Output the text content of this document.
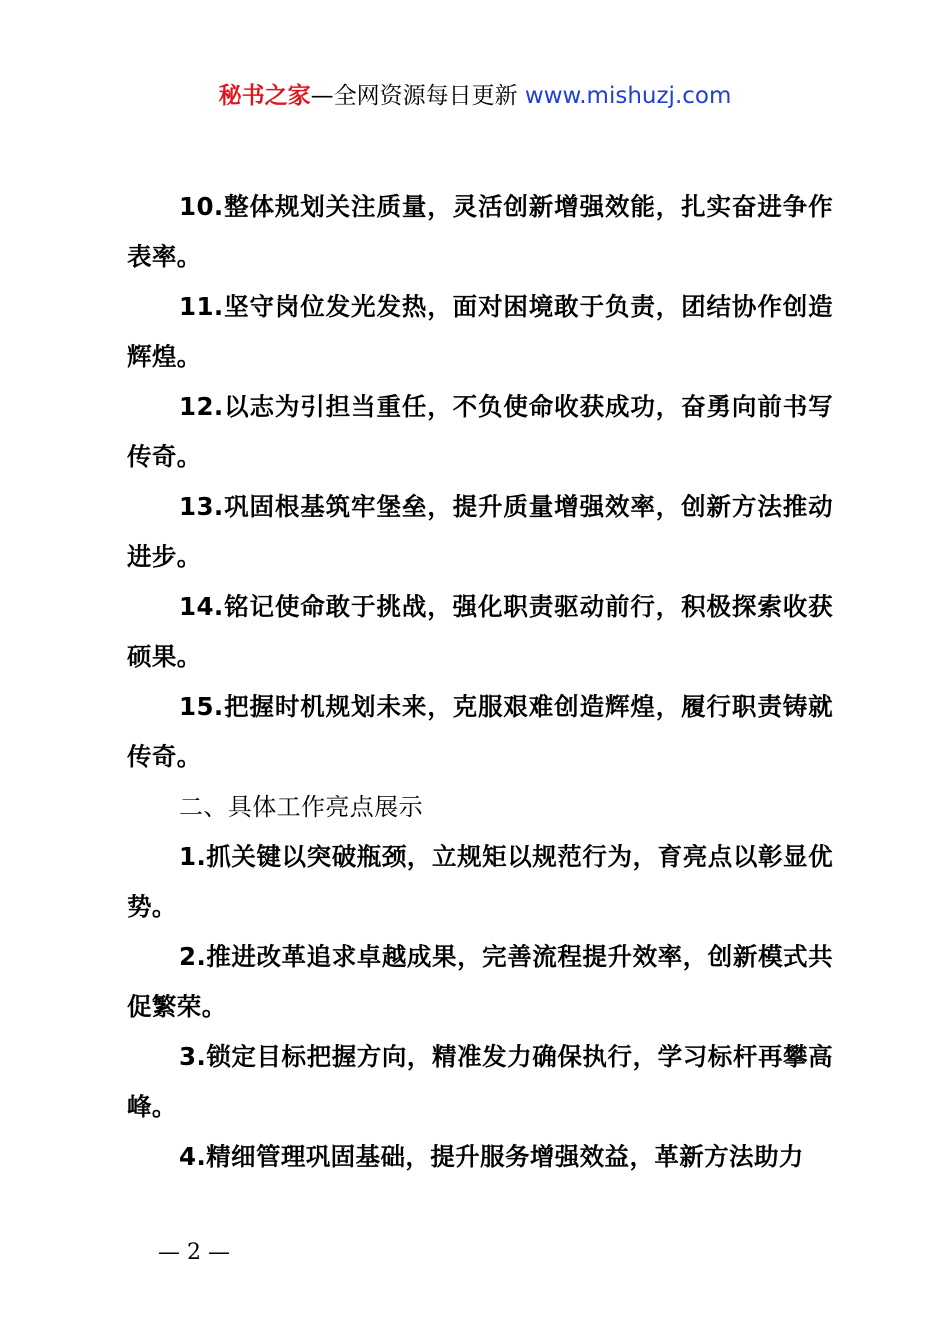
秘书之家—全网资源每日更新 www.mishuzj.com

10.整体规划关注质量，灵活创新增强效能，扎实奋进争作表率。

11.坚守岗位发光发热，面对困境敢于负责，团结协作创造辉煌。

12.以志为引担当重任，不负使命收获成功，奋勇向前书写传奇。

13.巩固根基筑牢堡垒，提升质量增强效率，创新方法推动进步。

14.铭记使命敢于挑战，强化职责驱动前行，积极探索收获硕果。

15.把握时机规划未来，克服艰难创造辉煌，履行职责铸就传奇。

二、具体工作亮点展示

1.抓关键以突破瓶颈，立规矩以规范行为，育亮点以彰显优势。

2.推进改革追求卓越成果，完善流程提升效率，创新模式共促繁荣。

3.锁定目标把握方向，精准发力确保执行，学习标杆再攀高峰。

4.精细管理巩固基础，提升服务增强效益，革新方法助力

— 2 —
